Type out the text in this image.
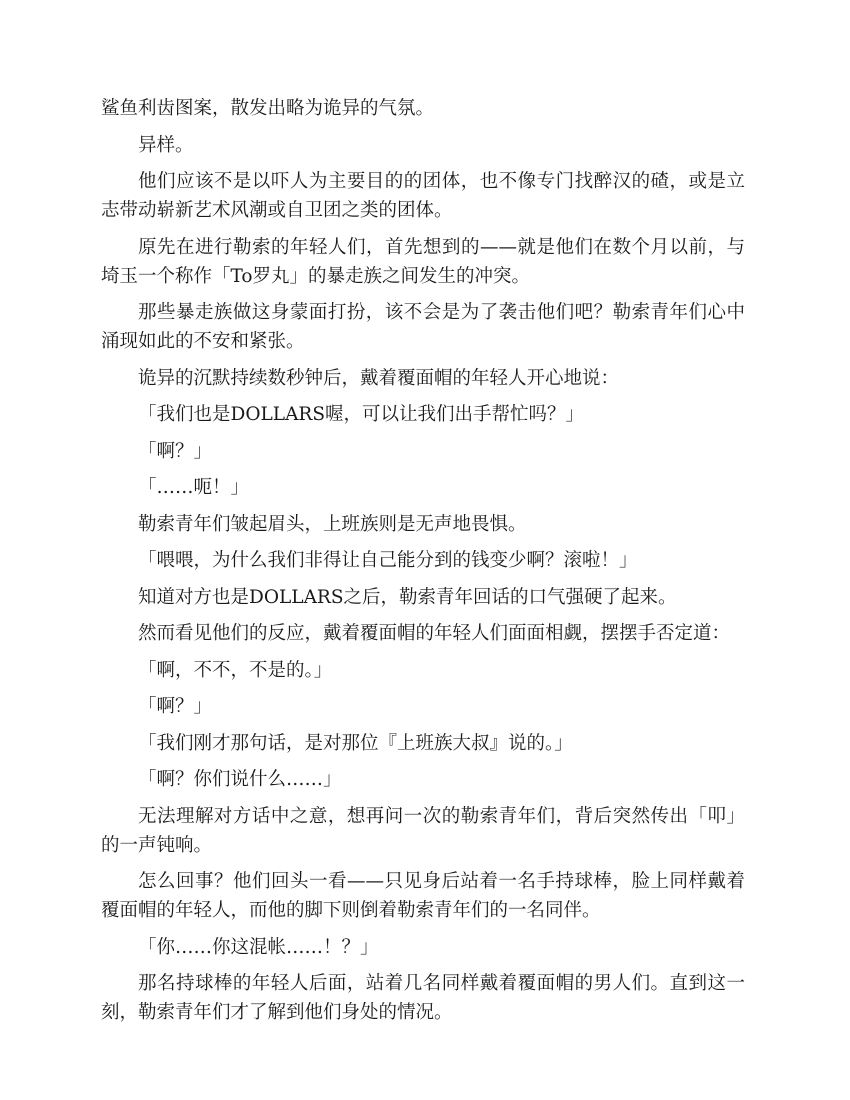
鲨鱼利齿图案，散发出略为诡异的气氛。

异样。

他们应该不是以吓人为主要目的的团体，也不像专门找醉汉的碴，或是立志带动崭新艺术风潮或自卫团之类的团体。

原先在进行勒索的年轻人们，首先想到的——就是他们在数个月以前，与埼玉一个称作「To罗丸」的暴走族之间发生的冲突。

那些暴走族做这身蒙面打扮，该不会是为了袭击他们吧？勒索青年们心中涌现如此的不安和紧张。

诡异的沉默持续数秒钟后，戴着覆面帽的年轻人开心地说：

「我们也是DOLLARS喔，可以让我们出手帮忙吗？」

「啊？」

「……呃！」

勒索青年们皱起眉头，上班族则是无声地畏惧。

「喂喂，为什么我们非得让自己能分到的钱变少啊？滚啦！」

知道对方也是DOLLARS之后，勒索青年回话的口气强硬了起来。

然而看见他们的反应，戴着覆面帽的年轻人们面面相觑，摆摆手否定道：

「啊，不不，不是的。」

「啊？」

「我们刚才那句话，是对那位『上班族大叔』说的。」

「啊？你们说什么……」

无法理解对方话中之意，想再问一次的勒索青年们，背后突然传出「叩」的一声钝响。

怎么回事？他们回头一看——只见身后站着一名手持球棒，脸上同样戴着覆面帽的年轻人，而他的脚下则倒着勒索青年们的一名同伴。

「你……你这混帐……！？」

那名持球棒的年轻人后面，站着几名同样戴着覆面帽的男人们。直到这一刻，勒索青年们才了解到他们身处的情况。
